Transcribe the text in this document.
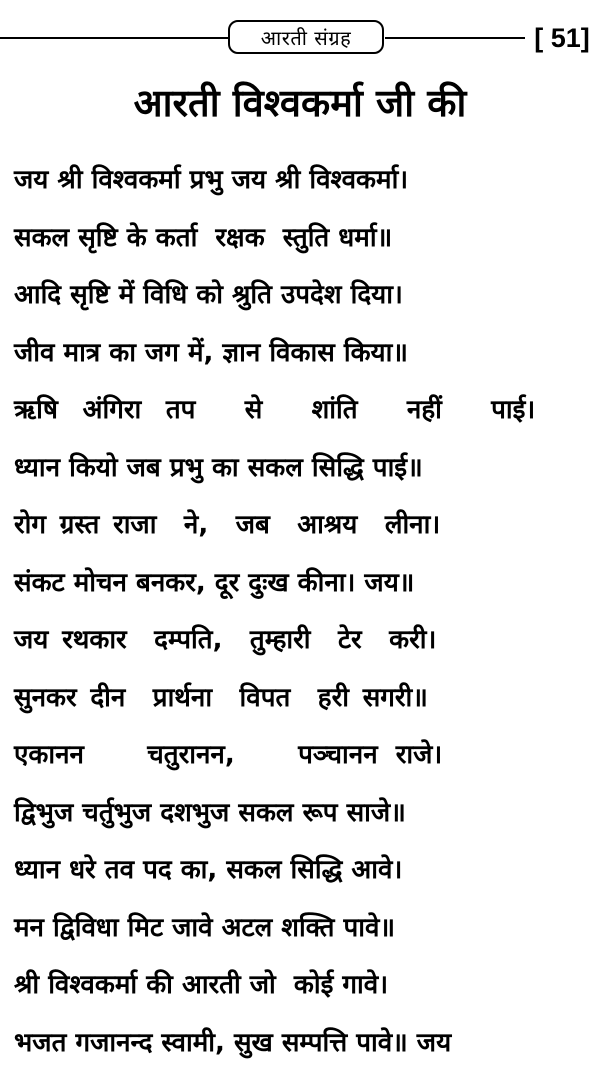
आरती संग्रह	[ 51]
आरती विश्वकर्मा जी की
जय श्री विश्वकर्मा प्रभु जय श्री विश्वकर्मा।
सकल सृष्टि के कर्ता  रक्षक  स्तुति धर्मा॥
आदि सृष्टि में विधि को श्रुति उपदेश दिया।
जीव मात्र का जग में, ज्ञान विकास किया॥
ऋषि अंगिरा तप  से  शांति  नहीं  पाई।
ध्यान कियो जब प्रभु का सकल सिद्धि पाई॥
रोग ग्रस्त राजा  ने,  जब  आश्रय  लीना।
संकट मोचन बनकर, दूर दुःख कीना। जय॥
जय रथकार  दम्पति,  तुम्हारी  टेर  करी।
सुनकर दीन  प्रार्थना  विपत  हरी सगरी॥
एकानन       चतुरानन,       पञ्चानन  राजे।
द्विभुज चर्तुभुज दशभुज सकल रूप साजे॥
ध्यान धरे तव पद का, सकल सिद्धि आवे।
मन द्विविधा मिट जावे अटल शक्ति पावे॥
श्री विश्वकर्मा की आरती जो  कोई गावे।
भजत गजानन्द स्वामी, सुख सम्पत्ति पावे॥ जय
